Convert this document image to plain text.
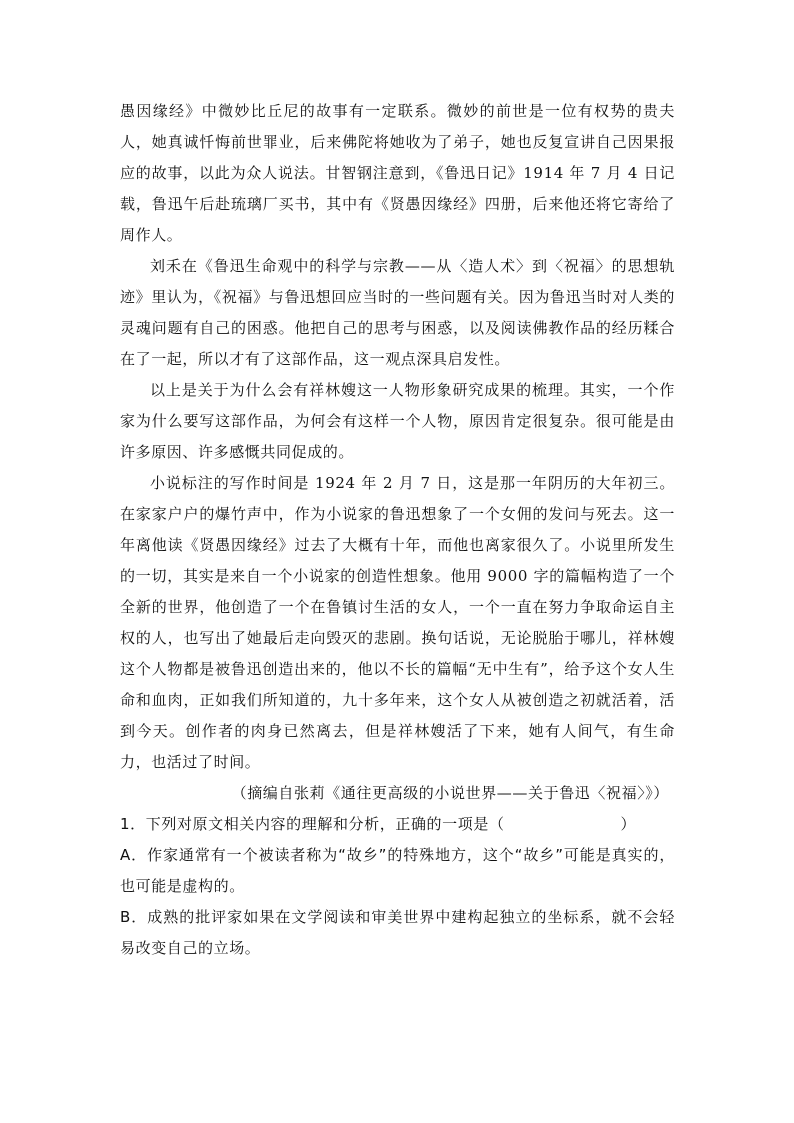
愚因缘经》中微妙比丘尼的故事有一定联系。微妙的前世是一位有权势的贵夫人，她真诚忏悔前世罪业，后来佛陀将她收为了弟子，她也反复宣讲自己因果报应的故事，以此为众人说法。甘智钢注意到，《鲁迅日记》1914 年 7 月 4 日记载，鲁迅午后赴琉璃厂买书，其中有《贤愚因缘经》四册，后来他还将它寄给了周作人。

刘禾在《鲁迅生命观中的科学与宗教——从〈造人术〉到〈祝福〉的思想轨迹》里认为，《祝福》与鲁迅想回应当时的一些问题有关。因为鲁迅当时对人类的灵魂问题有自己的困惑。他把自己的思考与困惑，以及阅读佛教作品的经历糅合在了一起，所以才有了这部作品，这一观点深具启发性。

以上是关于为什么会有祥林嫂这一人物形象研究成果的梳理。其实，一个作家为什么要写这部作品，为何会有这样一个人物，原因肯定很复杂。很可能是由许多原因、许多感慨共同促成的。

小说标注的写作时间是 1924 年 2 月 7 日，这是那一年阴历的大年初三。在家家户户的爆竹声中，作为小说家的鲁迅想象了一个女佣的发问与死去。这一年离他读《贤愚因缘经》过去了大概有十年，而他也离家很久了。小说里所发生的一切，其实是来自一个小说家的创造性想象。他用 9000 字的篇幅构造了一个全新的世界，他创造了一个在鲁镇讨生活的女人，一个一直在努力争取命运自主权的人，也写出了她最后走向毁灭的悲剧。换句话说，无论脱胎于哪儿，祥林嫂这个人物都是被鲁迅创造出来的，他以不长的篇幅“无中生有”，给予这个女人生命和血肉，正如我们所知道的，九十多年来，这个女人从被创造之初就活着，活到今天。创作者的肉身已然离去，但是祥林嫂活了下来，她有人间气，有生命力，也活过了时间。

（摘编自张莉《通往更高级的小说世界——关于鲁迅〈祝福〉》）

1．下列对原文相关内容的理解和分析，正确的一项是（	）

A．作家通常有一个被读者称为“故乡”的特殊地方，这个“故乡”可能是真实的，也可能是虚构的。

B．成熟的批评家如果在文学阅读和审美世界中建构起独立的坐标系，就不会轻易改变自己的立场。
